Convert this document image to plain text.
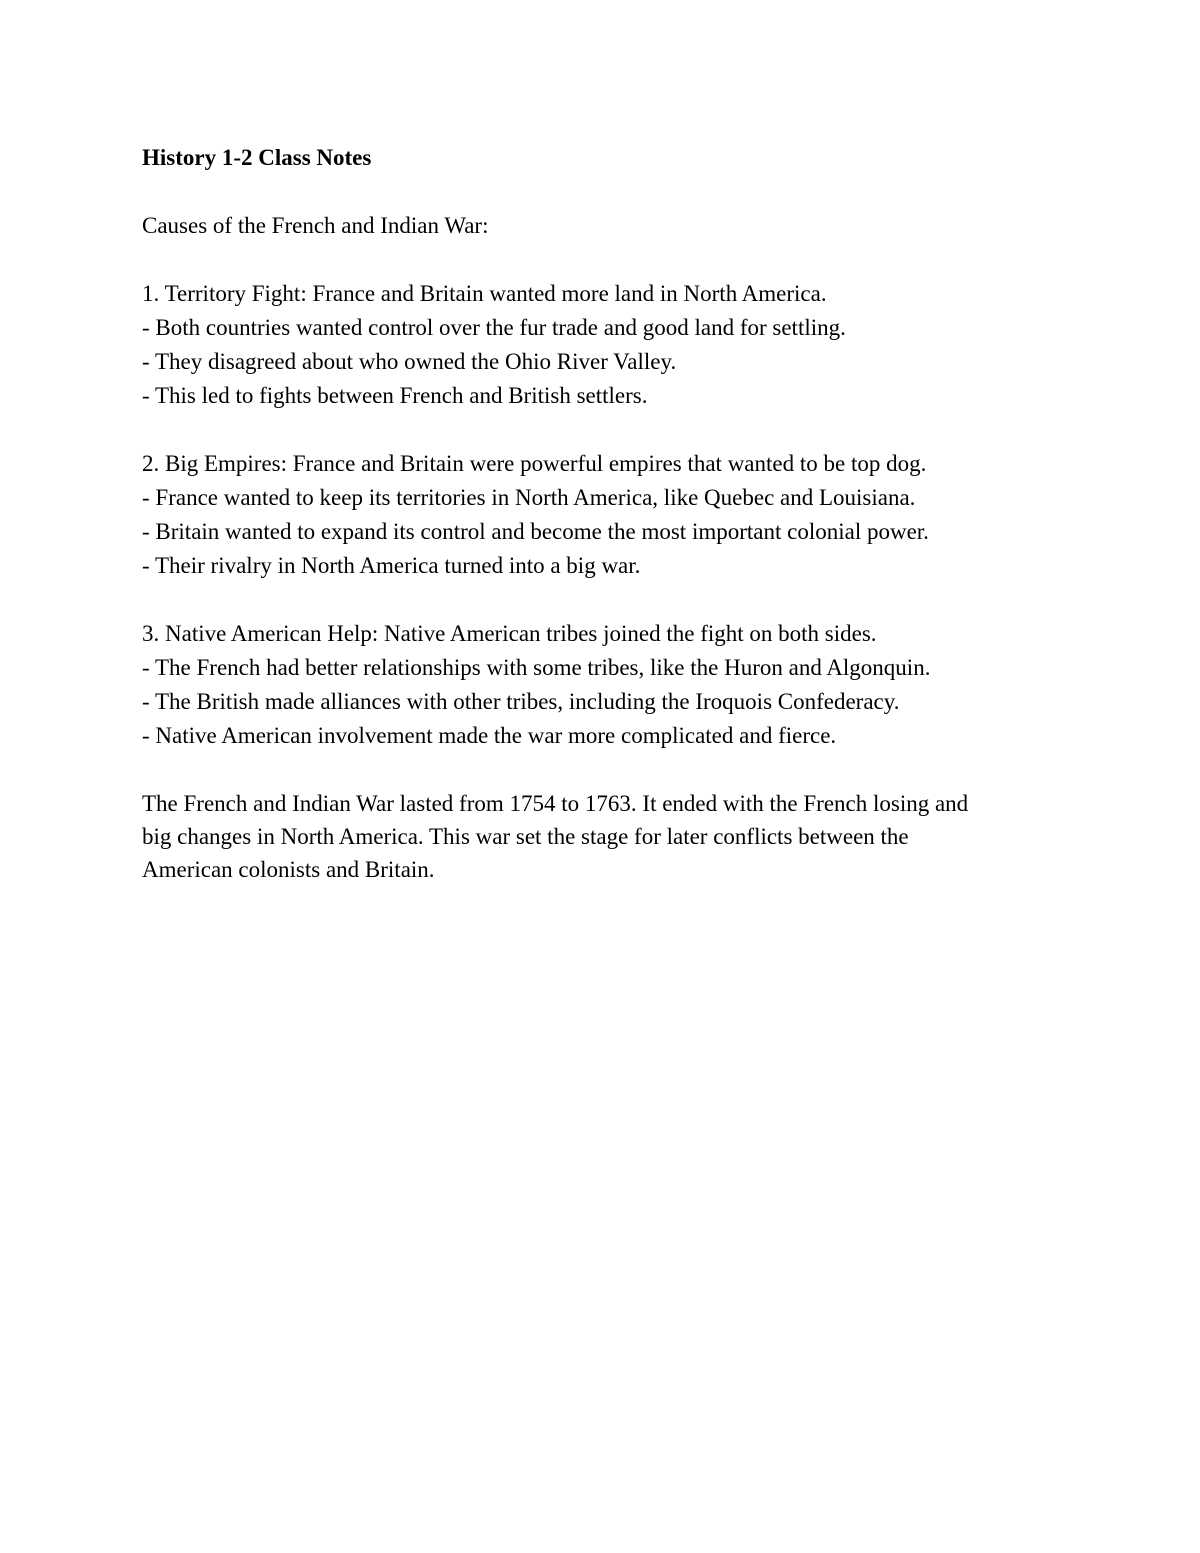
History 1-2 Class Notes
Causes of the French and Indian War:
1. Territory Fight: France and Britain wanted more land in North America.
- Both countries wanted control over the fur trade and good land for settling.
- They disagreed about who owned the Ohio River Valley.
- This led to fights between French and British settlers.
2. Big Empires: France and Britain were powerful empires that wanted to be top dog.
- France wanted to keep its territories in North America, like Quebec and Louisiana.
- Britain wanted to expand its control and become the most important colonial power.
- Their rivalry in North America turned into a big war.
3. Native American Help: Native American tribes joined the fight on both sides.
- The French had better relationships with some tribes, like the Huron and Algonquin.
- The British made alliances with other tribes, including the Iroquois Confederacy.
- Native American involvement made the war more complicated and fierce.
The French and Indian War lasted from 1754 to 1763. It ended with the French losing and
big changes in North America. This war set the stage for later conflicts between the
American colonists and Britain.
